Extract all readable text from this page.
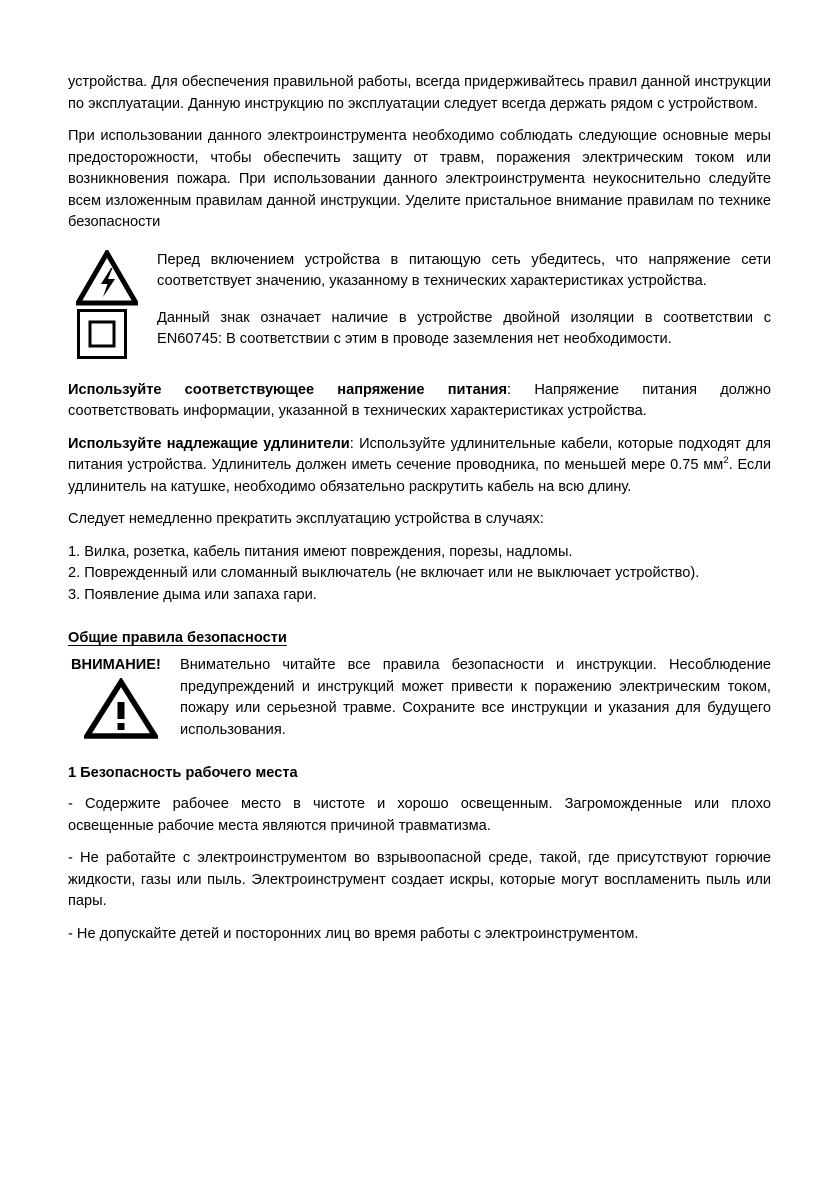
устройства. Для обеспечения правильной работы, всегда придерживайтесь правил данной инструкции по эксплуатации. Данную инструкцию по эксплуатации следует всегда держать рядом с устройством.

При использовании данного электроинструмента необходимо соблюдать следующие основные меры предосторожности, чтобы обеспечить защиту от травм, поражения электрическим током или возникновения пожара. При использовании данного электроинструмента неукоснительно следуйте всем изложенным правилам данной инструкции. Уделите пристальное внимание правилам по технике безопасности

Перед включением устройства в питающую сеть убедитесь, что напряжение сети соответствует значению, указанному в технических характеристиках устройства.
Данный знак означает наличие в устройстве двойной изоляции в соответствии с EN60745: В соответствии с этим в проводе заземления нет необходимости.

Используйте соответствующее напряжение питания: Напряжение питания должно соответствовать информации, указанной в технических характеристиках устройства.

Используйте надлежащие удлинители: Используйте удлинительные кабели, которые подходят для питания устройства. Удлинитель должен иметь сечение проводника, по меньшей мере 0.75 $мм^2$. Если удлинитель на катушке, необходимо обязательно раскрутить кабель на всю длину.

Следует немедленно прекратить эксплуатацию устройства в случаях:

1. Вилка, розетка, кабель питания имеют повреждения, порезы, надломы.

2. Поврежденный или сломанный выключатель (не включает или не выключает устройство).

3. Появление дыма или запаха гари.

Общие правила безопасности
ВНИМАНИЕ!	Внимательно читайте все правила безопасности и инструкции. Несоблюдение предупреждений и инструкций может привести к поражению электрическим током, пожару или серьезной травме. Сохраните все инструкции и указания для будущего использования.
1 Безопасность рабочего места

- Содержите рабочее место в чистоте и хорошо освещенным. Загроможденные или плохо освещенные рабочие места являются причиной травматизма.

- Не работайте с электроинструментом во взрывоопасной среде, такой, где присутствуют горючие жидкости, газы или пыль. Электроинструмент создает искры, которые могут воспламенить пыль или пары.

- Не допускайте детей и посторонних лиц во время работы с электроинструментом.
